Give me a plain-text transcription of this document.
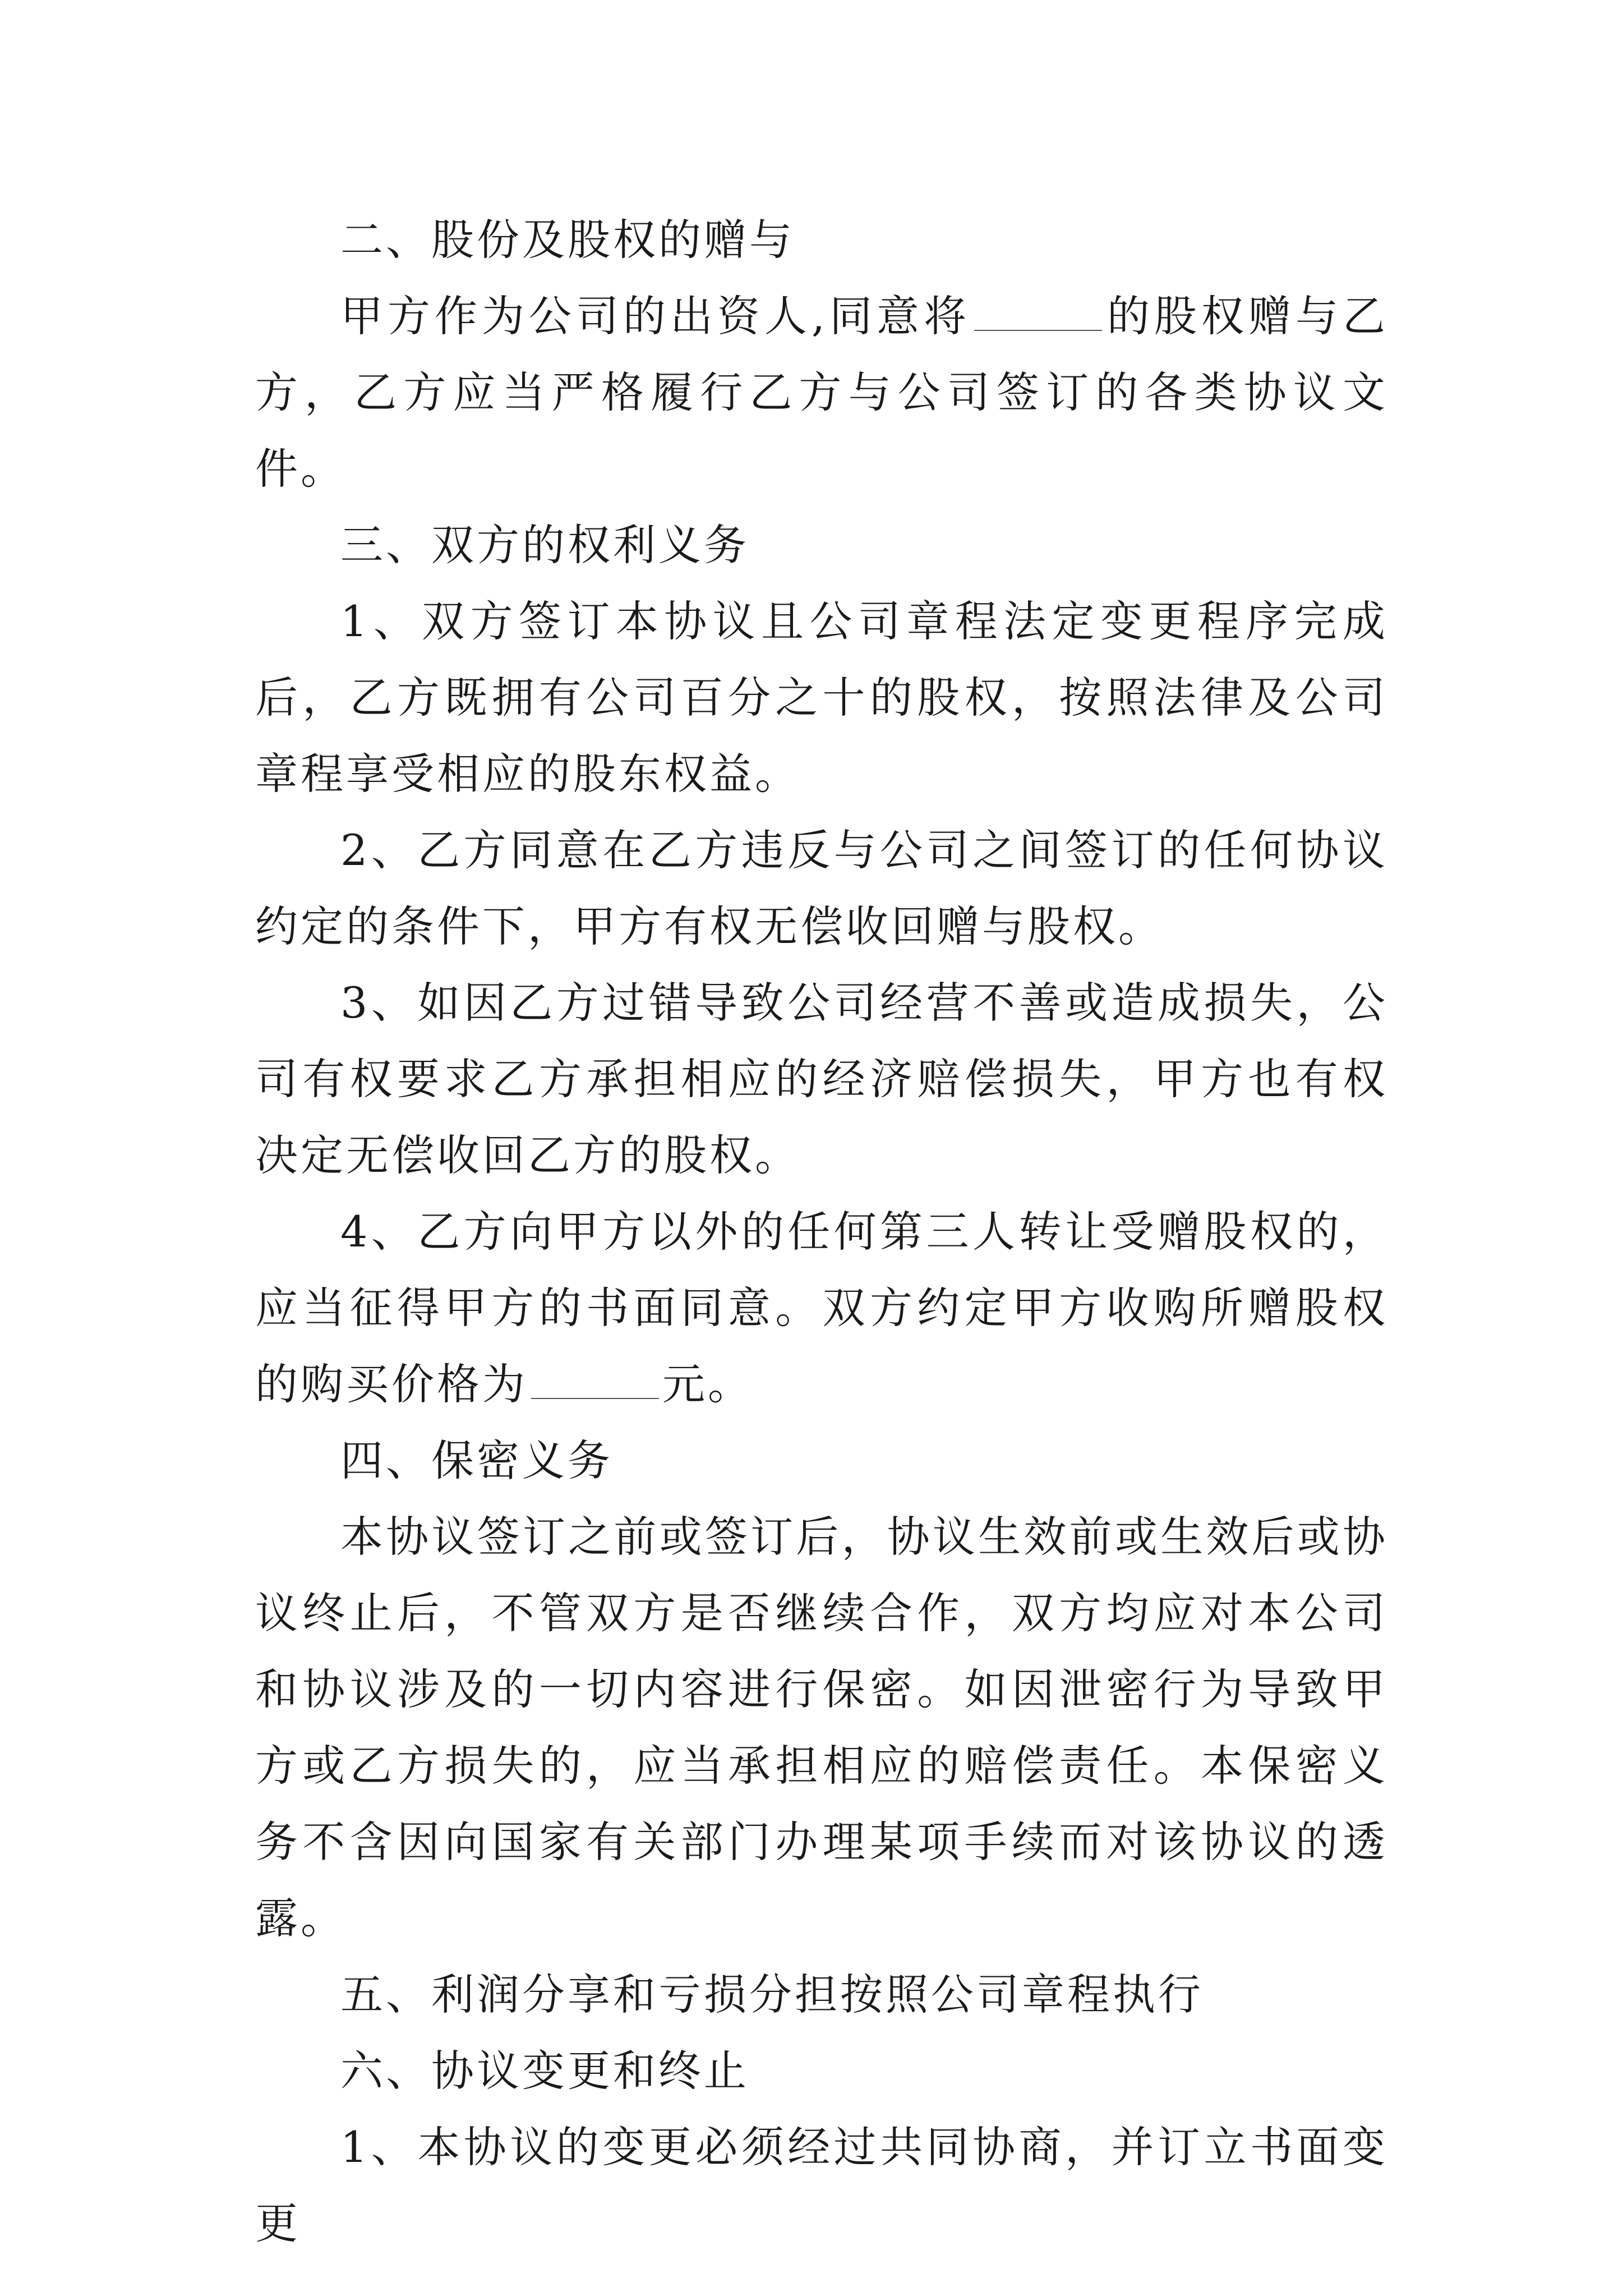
二、股份及股权的赠与

甲方作为公司的出资人,同意将	的股权赠与乙方，乙方应当严格履行乙方与公司签订的各类协议文件。

三、双方的权利义务

1、双方签订本协议且公司章程法定变更程序完成后，乙方既拥有公司百分之十的股权，按照法律及公司章程享受相应的股东权益。

2、乙方同意在乙方违反与公司之间签订的任何协议约定的条件下，甲方有权无偿收回赠与股权。

3、如因乙方过错导致公司经营不善或造成损失，公司有权要求乙方承担相应的经济赔偿损失，甲方也有权决定无偿收回乙方的股权。

4、乙方向甲方以外的任何第三人转让受赠股权的，应当征得甲方的书面同意。双方约定甲方收购所赠股权的购买价格为	元。

四、保密义务

本协议签订之前或签订后，协议生效前或生效后或协议终止后，不管双方是否继续合作，双方均应对本公司和协议涉及的一切内容进行保密。如因泄密行为导致甲方或乙方损失的，应当承担相应的赔偿责任。本保密义务不含因向国家有关部门办理某项手续而对该协议的透露。

五、利润分享和亏损分担按照公司章程执行

六、协议变更和终止

1、本协议的变更必须经过共同协商，并订立书面变更
